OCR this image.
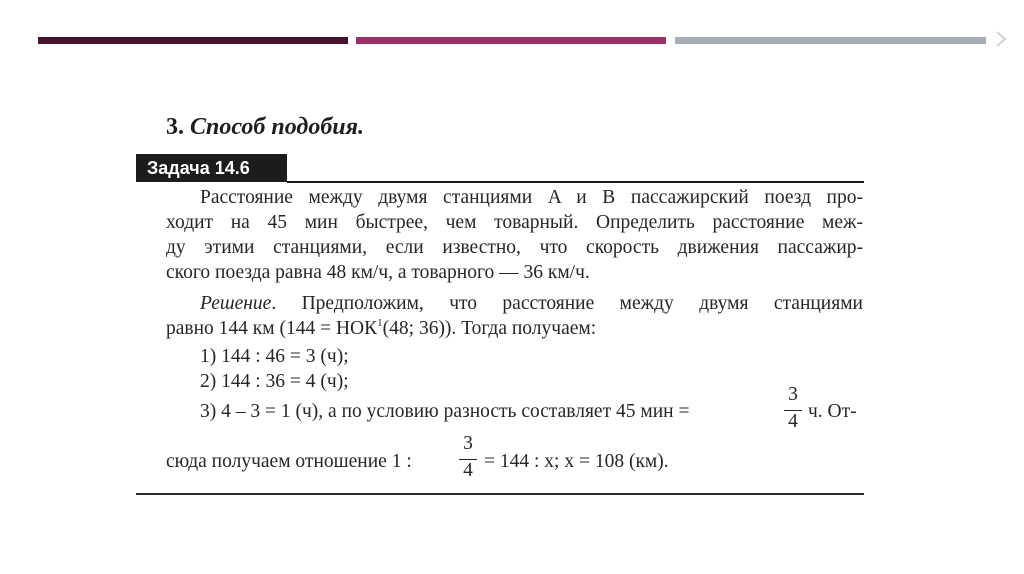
3. Способ подобия.
Задача 14.6
Расстояние между двумя станциями A и B пассажирский поезд про-
ходит на 45 мин быстрее, чем товарный. Определить расстояние меж-
ду этими станциями, если известно, что скорость движения пассажир-
ского поезда равна 48 км/ч, а товарного — 36 км/ч.
Решение. Предположим, что расстояние между двумя станциями
равно 144 км ($144 = НОК^1(48$; 36)). Тогда получаем:
1) 144 : 46 = 3 (ч);
2) 144 : 36 = 4 (ч);
3) 4 – 3 = 1 (ч), а по условию разность составляет 45 мин =
3
4 ч. От-
сюда получаем отношение 1 :
3
4 = 144 : x; x = 108 (км).
